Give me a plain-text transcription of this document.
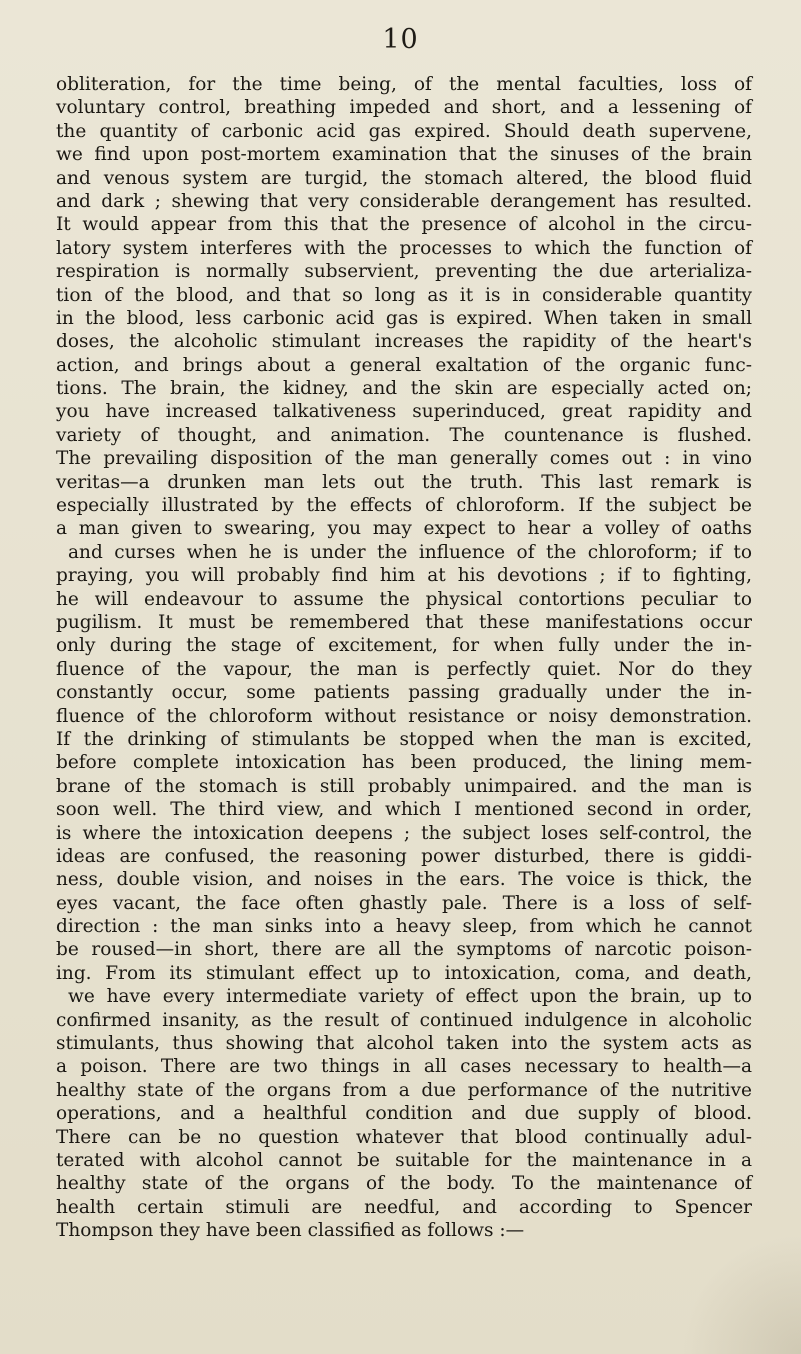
10
obliteration, for the time being, of the mental faculties, loss of
voluntary control, breathing impeded and short, and a lessening of
the quantity of carbonic acid gas expired. Should death supervene,
we find upon post-mortem examination that the sinuses of the brain
and venous system are turgid, the stomach altered, the blood fluid
and dark ; shewing that very considerable derangement has resulted.
It would appear from this that the presence of alcohol in the circu-
latory system interferes with the processes to which the function of
respiration is normally subservient, preventing the due arterializa-
tion of the blood, and that so long as it is in considerable quantity
in the blood, less carbonic acid gas is expired. When taken in small
doses, the alcoholic stimulant increases the rapidity of the heart's
action, and brings about a general exaltation of the organic func-
tions. The brain, the kidney, and the skin are especially acted on;
you have increased talkativeness superinduced, great rapidity and
variety of thought, and animation. The countenance is flushed.
The prevailing disposition of the man generally comes out : in vino
veritas—a drunken man lets out the truth. This last remark is
especially illustrated by the effects of chloroform. If the subject be
a man given to swearing, you may expect to hear a volley of oaths
and curses when he is under the influence of the chloroform; if to
praying, you will probably find him at his devotions ; if to fighting,
he will endeavour to assume the physical contortions peculiar to
pugilism. It must be remembered that these manifestations occur
only during the stage of excitement, for when fully under the in-
fluence of the vapour, the man is perfectly quiet. Nor do they
constantly occur, some patients passing gradually under the in-
fluence of the chloroform without resistance or noisy demonstration.
If the drinking of stimulants be stopped when the man is excited,
before complete intoxication has been produced, the lining mem-
brane of the stomach is still probably unimpaired. and the man is
soon well. The third view, and which I mentioned second in order,
is where the intoxication deepens ; the subject loses self-control, the
ideas are confused, the reasoning power disturbed, there is giddi-
ness, double vision, and noises in the ears. The voice is thick, the
eyes vacant, the face often ghastly pale. There is a loss of self-
direction : the man sinks into a heavy sleep, from which he cannot
be roused—in short, there are all the symptoms of narcotic poison-
ing. From its stimulant effect up to intoxication, coma, and death,
we have every intermediate variety of effect upon the brain, up to
confirmed insanity, as the result of continued indulgence in alcoholic
stimulants, thus showing that alcohol taken into the system acts as
a poison. There are two things in all cases necessary to health—a
healthy state of the organs from a due performance of the nutritive
operations, and a healthful condition and due supply of blood.
There can be no question whatever that blood continually adul-
terated with alcohol cannot be suitable for the maintenance in a
healthy state of the organs of the body. To the maintenance of
health certain stimuli are needful, and according to Spencer
Thompson they have been classified as follows :—
